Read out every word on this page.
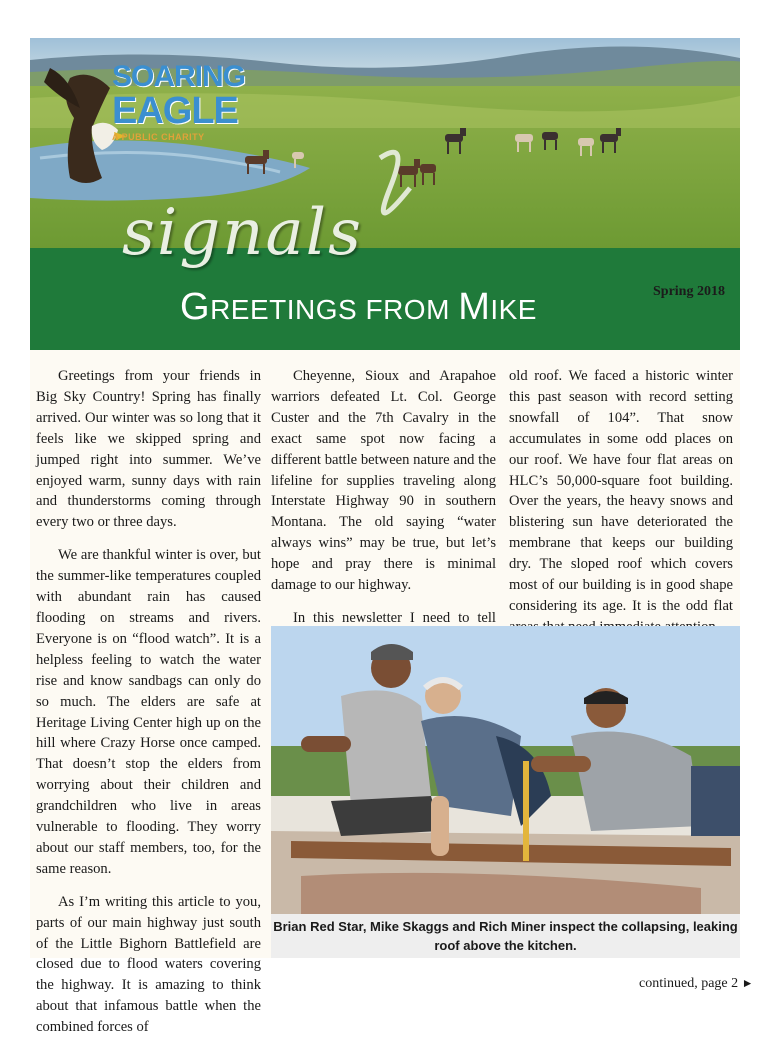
SOARING
EAGLE
A PUBLIC CHARITY
signals
GREETINGS FROM MIKE
Spring 2018

Greetings from your friends in Big Sky Country! Spring has finally arrived. Our winter was so long that it feels like we skipped spring and jumped right into summer. We’ve enjoyed warm, sunny days with rain and thunderstorms coming through every two or three days.

We are thankful winter is over, but the summer-like temperatures coupled with abundant rain has caused flooding on streams and rivers. Everyone is on “flood watch”. It is a helpless feeling to watch the water rise and know sandbags can only do so much. The elders are safe at Heritage Living Center high up on the hill where Crazy Horse once camped. That doesn’t stop the elders from worrying about their children and grandchildren who live in areas vulnerable to flooding. They worry about our staff members, too, for the same reason.

As I’m writing this article to you, parts of our main highway just south of the Little Bighorn Battlefield are closed due to flood waters covering the highway. It is amazing to think about that infamous battle when the combined forces of

Cheyenne, Sioux and Arapahoe warriors defeated Lt. Col. George Custer and the 7th Cavalry in the exact same spot now facing a different battle between nature and the lifeline for supplies traveling along Interstate Highway 90 in southern Montana. The old saying “water always wins” may be true, but let’s hope and pray there is minimal damage to our highway.

In this newsletter I need to tell

old roof. We faced a historic winter this past season with record setting snowfall of 104”. That snow accumulates in some odd places on our roof. We have four flat areas on HLC’s 50,000-square foot building. Over the years, the heavy snows and blistering sun have deteriorated the membrane that keeps our building dry. The sloped roof which covers most of our building is in good shape considering its age. It is the odd flat

Brian Red Star, Mike Skaggs and Rich Miner inspect the collapsing, leaking roof above the kitchen.
continued, page 2 ►
